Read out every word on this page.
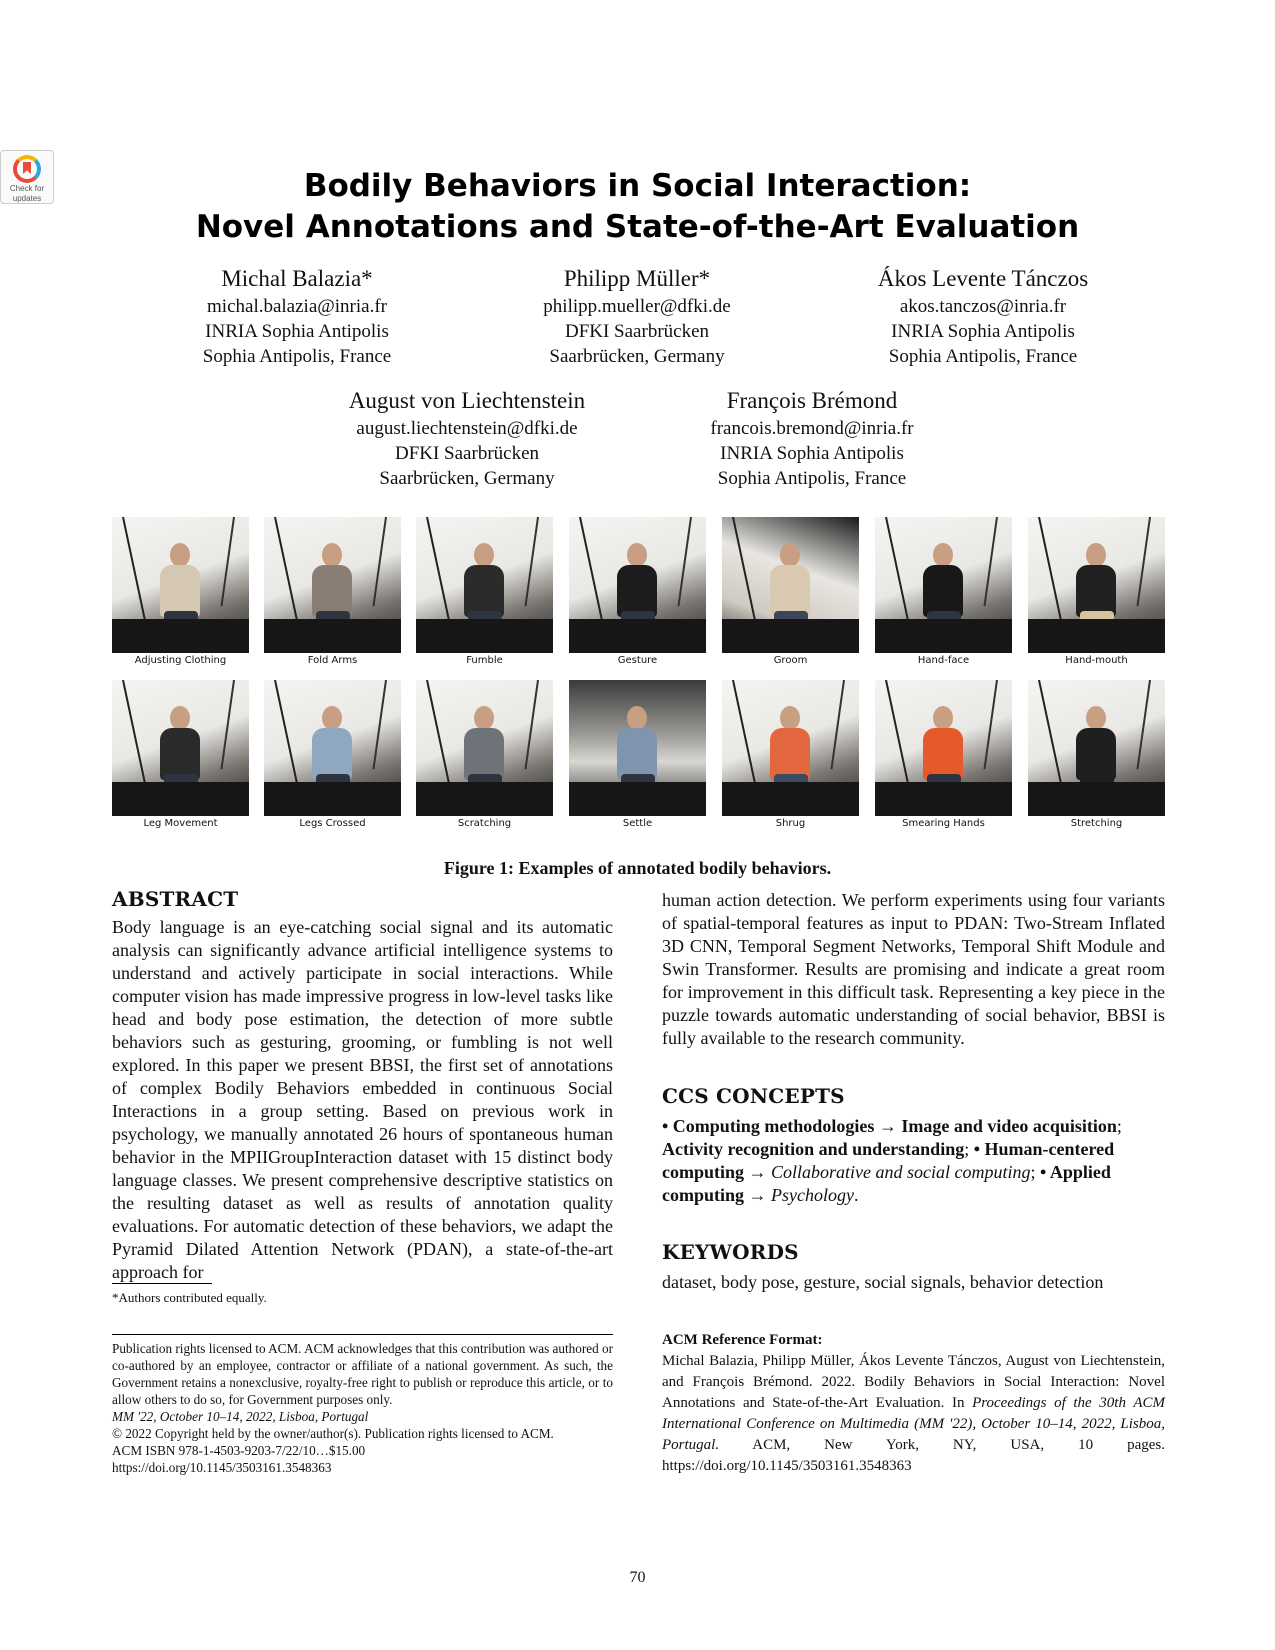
Check for
updates	Bodily Behaviors in Social Interaction:
Novel Annotations and State-of-the-Art Evaluation
Michal Balazia*
michal.balazia@inria.fr
INRIA Sophia Antipolis
Sophia Antipolis, France
Philipp Müller*
philipp.mueller@dfki.de
DFKI Saarbrücken
Saarbrücken, Germany
Ákos Levente Tánczos
akos.tanczos@inria.fr
INRIA Sophia Antipolis
Sophia Antipolis, France
August von Liechtenstein
august.liechtenstein@dfki.de
DFKI Saarbrücken
Saarbrücken, Germany
François Brémond
francois.bremond@inria.fr
INRIA Sophia Antipolis
Sophia Antipolis, France
Adjusting Clothing	Fold Arms	Fumble	Gesture	Groom	Hand-face	Hand-mouth
Leg Movement	Legs Crossed	Scratching	Settle	Shrug	Smearing Hands	Stretching
Figure 1: Examples of annotated bodily behaviors.
ABSTRACT
Body language is an eye-catching social signal and its automatic analysis can significantly advance artificial intelligence systems to understand and actively participate in social interactions. While computer vision has made impressive progress in low-level tasks like head and body pose estimation, the detection of more subtle behaviors such as gesturing, grooming, or fumbling is not well explored. In this paper we present BBSI, the first set of annotations of complex Bodily Behaviors embedded in continuous Social Interactions in a group setting. Based on previous work in psychology, we manually annotated 26 hours of spontaneous human behavior in the MPIIGroupInteraction dataset with 15 distinct body language classes. We present comprehensive descriptive statistics on the resulting dataset as well as results of annotation quality evaluations. For automatic detection of these behaviors, we adapt the Pyramid Dilated Attention Network (PDAN), a state-of-the-art approach for
human action detection. We perform experiments using four variants of spatial-temporal features as input to PDAN: Two-Stream Inflated 3D CNN, Temporal Segment Networks, Temporal Shift Module and Swin Transformer. Results are promising and indicate a great room for improvement in this difficult task. Representing a key piece in the puzzle towards automatic understanding of social behavior, BBSI is fully available to the research community.
CCS CONCEPTS
• Computing methodologies → Image and video acquisition; Activity recognition and understanding; • Human-centered computing → Collaborative and social computing; • Applied computing → Psychology.
KEYWORDS
dataset, body pose, gesture, social signals, behavior detection
*Authors contributed equally.
Publication rights licensed to ACM. ACM acknowledges that this contribution was authored or co-authored by an employee, contractor or affiliate of a national government. As such, the Government retains a nonexclusive, royalty-free right to publish or reproduce this article, or to allow others to do so, for Government purposes only.
MM '22, October 10–14, 2022, Lisboa, Portugal
© 2022 Copyright held by the owner/author(s). Publication rights licensed to ACM.
ACM ISBN 978-1-4503-9203-7/22/10…$15.00
https://doi.org/10.1145/3503161.3548363
ACM Reference Format:
Michal Balazia, Philipp Müller, Ákos Levente Tánczos, August von Liechtenstein, and François Brémond. 2022. Bodily Behaviors in Social Interaction: Novel Annotations and State-of-the-Art Evaluation. In Proceedings of the 30th ACM International Conference on Multimedia (MM '22), October 10–14, 2022, Lisboa, Portugal. ACM, New York, NY, USA, 10 pages. https://doi.org/10.1145/3503161.3548363
70
